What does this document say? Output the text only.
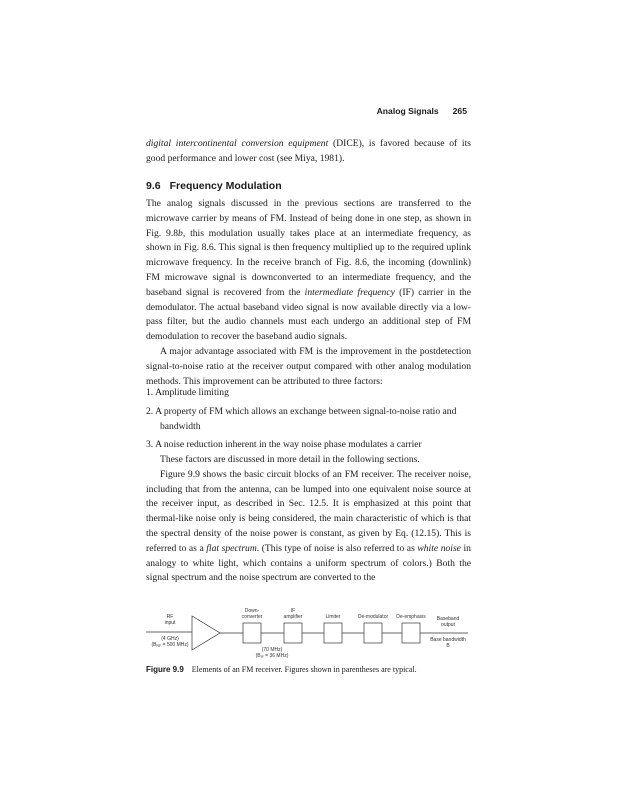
Analog Signals 265

digital intercontinental conversion equipment (DICE), is favored because of its good performance and lower cost (see Miya, 1981).

9.6 Frequency Modulation

The analog signals discussed in the previous sections are transferred to the microwave carrier by means of FM. Instead of being done in one step, as shown in Fig. 9.8b, this modulation usually takes place at an intermediate frequency, as shown in Fig. 8.6. This signal is then frequency multiplied up to the required uplink microwave frequency. In the receive branch of Fig. 8.6, the incoming (downlink) FM microwave signal is downconverted to an intermediate frequency, and the baseband signal is recovered from the intermediate frequency (IF) carrier in the demodulator. The actual baseband video signal is now available directly via a low-pass filter, but the audio channels must each undergo an additional step of FM demodulation to recover the baseband audio signals.

A major advantage associated with FM is the improvement in the postdetection signal-to-noise ratio at the receiver output compared with other analog modulation methods. This improvement can be attributed to three factors:

1. Amplitude limiting
2. A property of FM which allows an exchange between signal-to-noise ratio and bandwidth
3. A noise reduction inherent in the way noise phase modulates a carrier

These factors are discussed in more detail in the following sections.

Figure 9.9 shows the basic circuit blocks of an FM receiver. The receiver noise, including that from the antenna, can be lumped into one equivalent noise source at the receiver input, as described in Sec. 12.5. It is emphasized at this point that thermal-like noise only is being considered, the main characteristic of which is that the spectral density of the noise power is constant, as given by Eq. (12.15). This is referred to as a flat spectrum. (This type of noise is also referred to as white noise in analogy to white light, which contains a uniform spectrum of colors.) Both the signal spectrum and the noise spectrum are converted to the

RF
input
(4 GHz)
($B_{RF} = 500$ MHz)
Down-
converter
IF
amplifier	Limiter	De-modulator De-emphasis Baseband
output
Base bandwidth
B
(70 MHz)
($B_{IF} = 36$ MHz)
Figure 9.9 Elements of an FM receiver. Figures shown in parentheses are typical.
